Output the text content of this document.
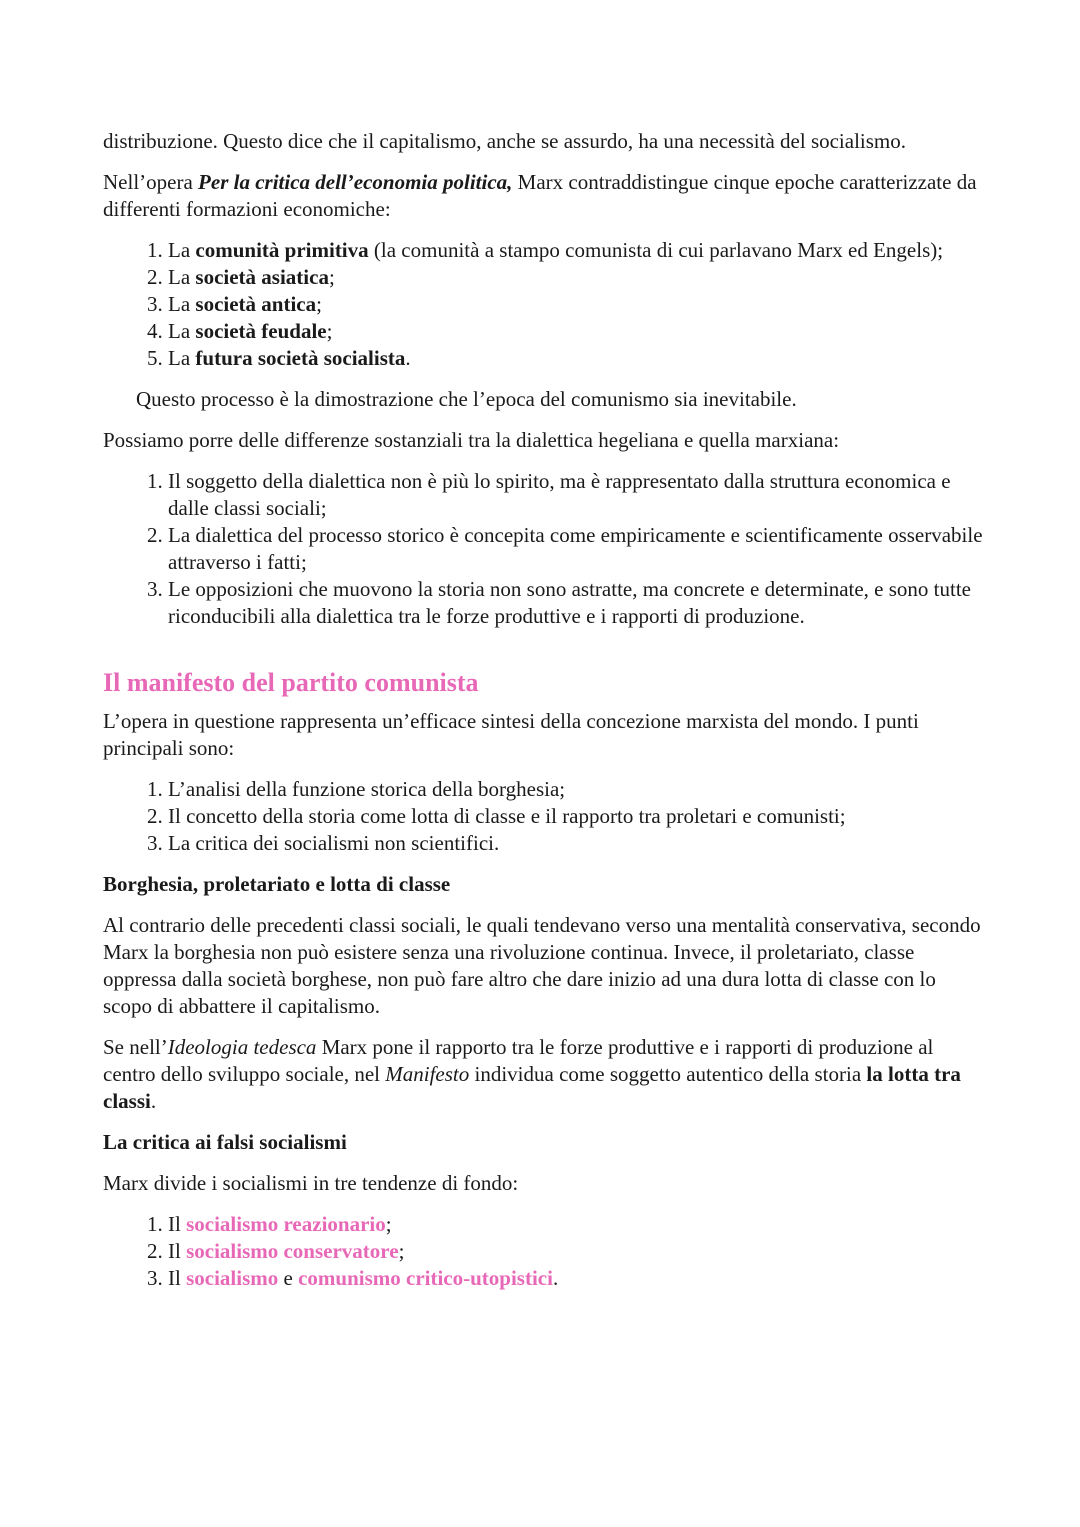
distribuzione. Questo dice che il capitalismo, anche se assurdo, ha una necessità del socialismo.

Nell’opera Per la critica dell’economia politica, Marx contraddistingue cinque epoche caratterizzate da differenti formazioni economiche:

1. La comunità primitiva (la comunità a stampo comunista di cui parlavano Marx ed Engels);
2. La società asiatica;
3. La società antica;
4. La società feudale;
5. La futura società socialista.

Questo processo è la dimostrazione che l’epoca del comunismo sia inevitabile.

Possiamo porre delle differenze sostanziali tra la dialettica hegeliana e quella marxiana:

1. Il soggetto della dialettica non è più lo spirito, ma è rappresentato dalla struttura economica e dalle classi sociali;
2. La dialettica del processo storico è concepita come empiricamente e scientificamente osservabile attraverso i fatti;
3. Le opposizioni che muovono la storia non sono astratte, ma concrete e determinate, e sono tutte riconducibili alla dialettica tra le forze produttive e i rapporti di produzione.
Il manifesto del partito comunista

L’opera in questione rappresenta un’efficace sintesi della concezione marxista del mondo. I punti principali sono:

1. L’analisi della funzione storica della borghesia;
2. Il concetto della storia come lotta di classe e il rapporto tra proletari e comunisti;
3. La critica dei socialismi non scientifici.
Borghesia, proletariato e lotta di classe

Al contrario delle precedenti classi sociali, le quali tendevano verso una mentalità conservativa, secondo Marx la borghesia non può esistere senza una rivoluzione continua. Invece, il proletariato, classe oppressa dalla società borghese, non può fare altro che dare inizio ad una dura lotta di classe con lo scopo di abbattere il capitalismo.

Se nell’Ideologia tedesca Marx pone il rapporto tra le forze produttive e i rapporti di produzione al centro dello sviluppo sociale, nel Manifesto individua come soggetto autentico della storia la lotta tra classi.

La critica ai falsi socialismi

Marx divide i socialismi in tre tendenze di fondo:

1. Il socialismo reazionario;
2. Il socialismo conservatore;
3. Il socialismo e comunismo critico-utopistici.
